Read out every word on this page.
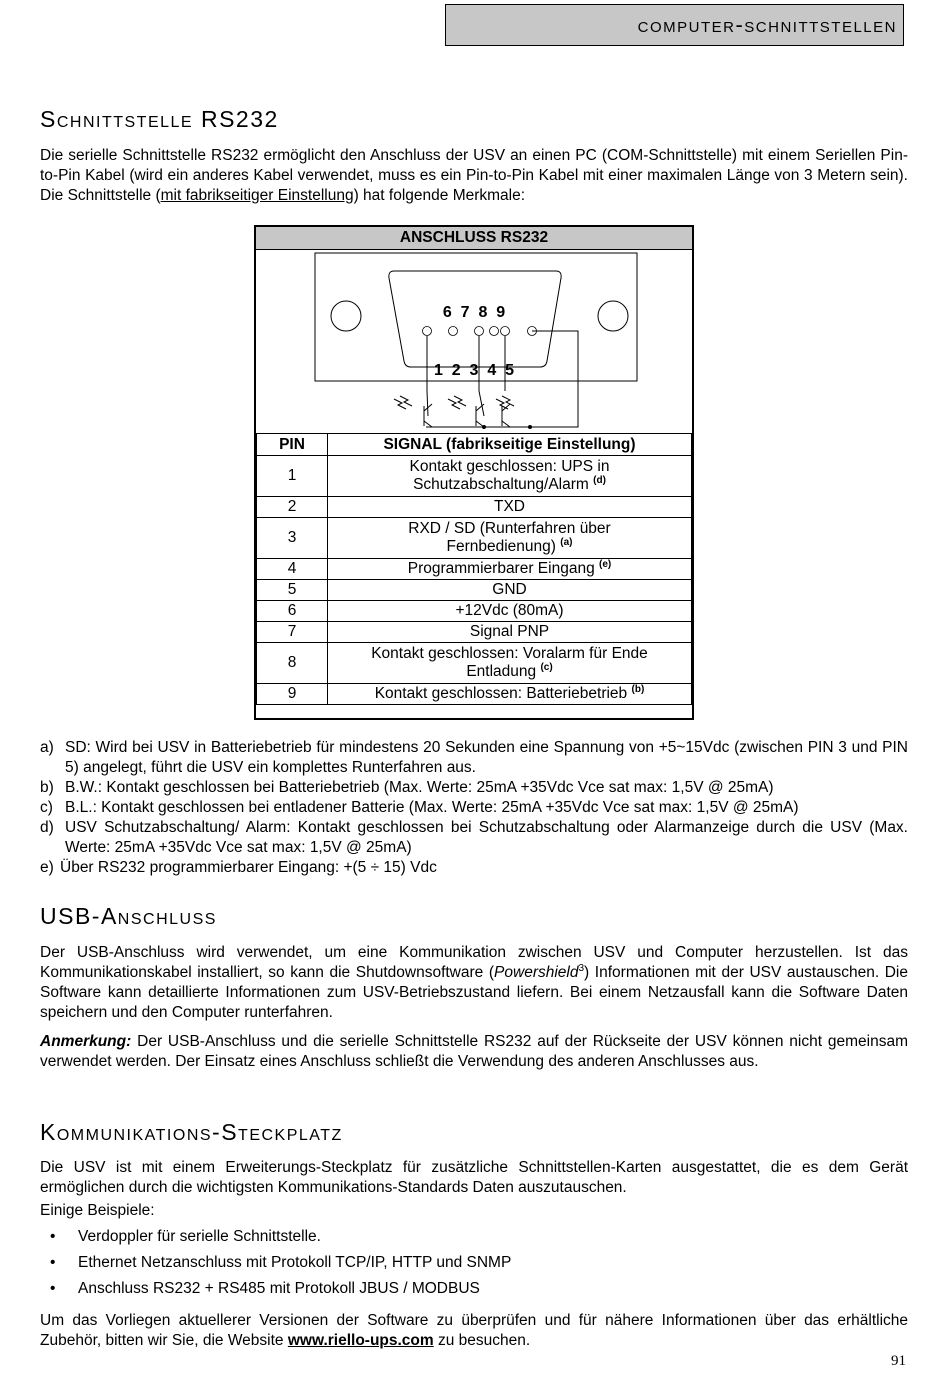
computer-schnittstellen
Schnittstelle RS232

Die serielle Schnittstelle RS232 ermöglicht den Anschluss der USV an einen PC (COM-Schnittstelle) mit einem Seriellen Pin-to-Pin Kabel (wird ein anderes Kabel verwendet, muss es ein Pin-to-Pin Kabel mit einer maximalen Länge von 3 Metern sein). Die Schnittstelle (mit fabrikseitiger Einstellung) hat folgende Merkmale:

ANSCHLUSS RS232
6  7  8  9
1  2  3  4  5
PIN	SIGNAL (fabrikseitige Einstellung)
1	Kontakt geschlossen: UPS in
Schutzabschaltung/Alarm $^{(d)}$
2	TXD
3	RXD / SD (Runterfahren über
Fernbedienung) $^{(a)}$
4	Programmierbarer Eingang $^{(e)}$
5	GND
6	+12Vdc (80mA)
7	Signal PNP
8	Kontakt geschlossen: Voralarm für Ende
Entladung $^{(c)}$
9	Kontakt geschlossen: Batteriebetrieb $^{(b)}$
a) SD: Wird bei USV in Batteriebetrieb für mindestens 20 Sekunden eine Spannung von +5~15Vdc (zwischen PIN 3 und PIN 5) angelegt, führt die USV ein komplettes Runterfahren aus.
b) B.W.: Kontakt geschlossen bei Batteriebetrieb (Max. Werte: 25mA +35Vdc Vce sat max: 1,5V @ 25mA)
c) B.L.: Kontakt geschlossen bei entladener Batterie (Max. Werte: 25mA +35Vdc Vce sat max: 1,5V @ 25mA)
d) USV Schutzabschaltung/ Alarm: Kontakt geschlossen bei Schutzabschaltung oder Alarmanzeige durch die USV (Max. Werte: 25mA +35Vdc Vce sat max: 1,5V @ 25mA)
e) Über RS232 programmierbarer Eingang: +(5 ÷ 15) Vdc
USB-Anschluss

Der USB-Anschluss wird verwendet, um eine Kommunikation zwischen USV und Computer herzustellen. Ist das Kommunikationskabel installiert, so kann die Shutdownsoftware (Powershield$^3$) Informationen mit der USV austauschen. Die Software kann detaillierte Informationen zum USV-Betriebszustand liefern. Bei einem Netzausfall kann die Software Daten speichern und den Computer runterfahren.

Anmerkung: Der USB-Anschluss und die serielle Schnittstelle RS232 auf der Rückseite der USV können nicht gemeinsam verwendet werden. Der Einsatz eines Anschluss schließt die Verwendung des anderen Anschlusses aus.

Kommunikations-Steckplatz

Die USV ist mit einem Erweiterungs-Steckplatz für zusätzliche Schnittstellen-Karten ausgestattet, die es dem Gerät ermöglichen durch die wichtigsten Kommunikations-Standards Daten auszutauschen.

Einige Beispiele:

• Verdoppler für serielle Schnittstelle.
• Ethernet Netzanschluss mit Protokoll TCP/IP, HTTP und SNMP
• Anschluss RS232 + RS485 mit Protokoll JBUS / MODBUS

Um das Vorliegen aktuellerer Versionen der Software zu überprüfen und für nähere Informationen über das erhältliche Zubehör, bitten wir Sie, die Website www.riello-ups.com zu besuchen.

91
